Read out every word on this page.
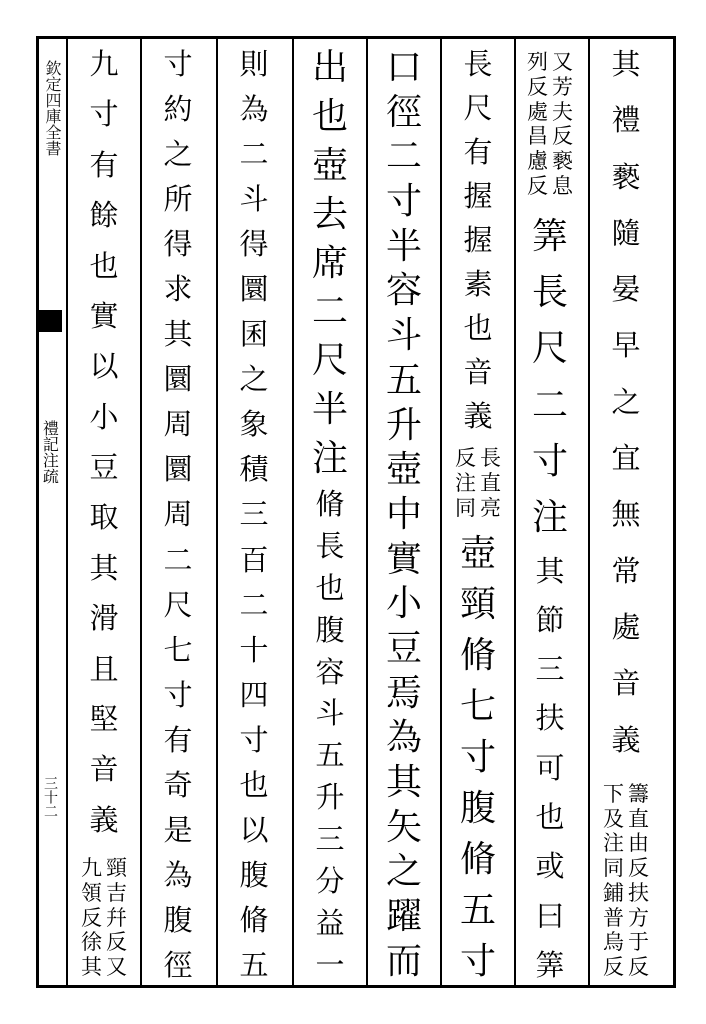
欽定四庫全書
禮記注疏
三十二
其
禮
褻
隨
晏
早
之
宜
無
常
處
音
義
籌
直
由
反
扶
方
于
反
下
及
注
同
鋪
普
烏
反
又
芳
夫
反
褻
息
列
反
處
昌
慮
反
筭
長
尺
二
寸
注
其
節
三
扶
可
也
或
曰
筭
長
尺
有
握
握
素
也
音
義
長
直
亮
反
注
同
壺
頸
脩
七
寸
腹
脩
五
寸
口
徑
二
寸
半
容
斗
五
升
壺
中
實
小
豆
焉
為
其
矢
之
躍
而
出
也
壺
去
席
二
尺
半
注
脩
長
也
腹
容
斗
五
升
三
分
益
一
則
為
二
斗
得
圜
囷
之
象
積
三
百
二
十
四
寸
也
以
腹
脩
五
寸
約
之
所
得
求
其
圜
周
圜
周
二
尺
七
寸
有
奇
是
為
腹
徑
九
寸
有
餘
也
實
以
小
豆
取
其
滑
且
堅
音
義
頸
吉
幷
反
又
九
領
反
徐
其
